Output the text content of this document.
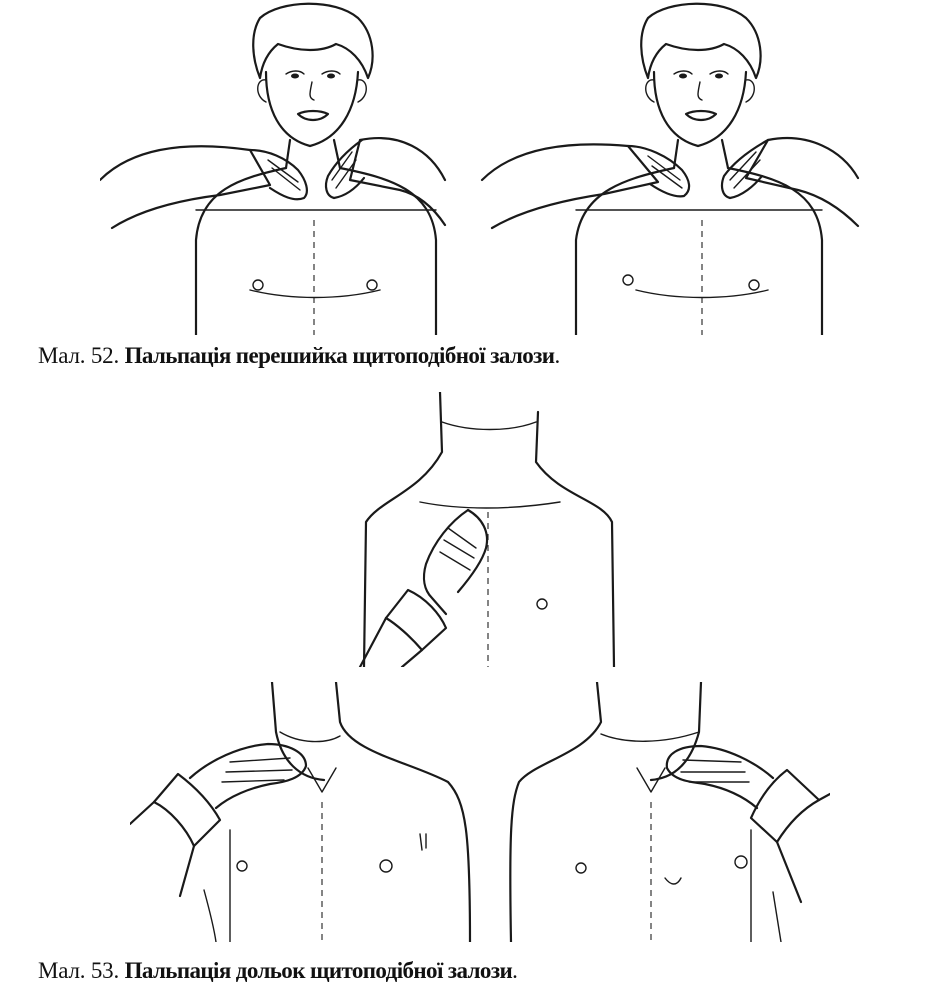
Мал. 52. Пальпація перешийка щитоподібної залози.
Мал. 53. Пальпація дольок щитоподібної залози.
